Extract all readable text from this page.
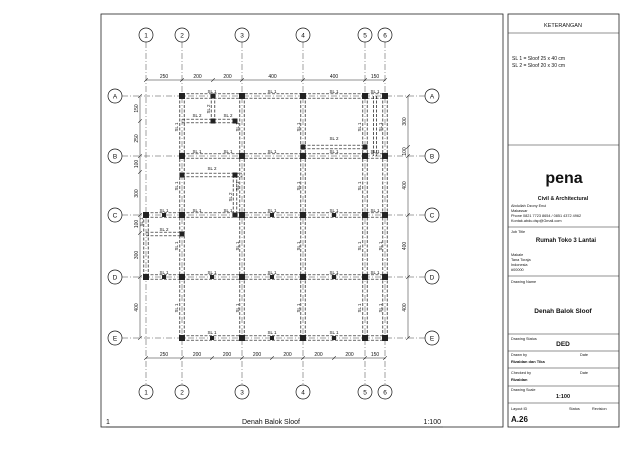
1
1
2
2
3
3
4
4
5
5
6
6
A	A
B	B
C	C
D	D
E	E
SL 1	SL 1	SL 1	SL 1
SL 2	SL 2
SL 2
SL 1	SL 1	SL 1	SL 1	SL 1
SL 2
SL 1	SL 1	SL 1	SL 1	SL 1
SL 2
SL 1
SL 2
SL 1	SL 1	SL 1
SL 1	SL 1	SL 1	SL 1	SL 1	SL 1
SL 1
SL 2
SL 1	SL 1	SL 1	SL 1	SL 1
SL 1	SL 1	SL 1	SL 1	SL 1
SL 1	SL 1	SL 1	SL 1	SL 1
SL 1	SL 1	SL 1
250	200	200	400	400	150
250	200	200	200	200	200	200	150
150
250
100
300
100
300
400
300
100
400
400
400
1	Denah Balok Sloof	1:100
KETERANGAN
SL 1 = Sloof 25 x 40 cm
SL 2 = Sloof 20 x 30 cm
pena
Civil & Architectural
Abdullah Dzony Enui
Makassar
Phone 0821 7723 8654 / 0851 4372 4962
Kontak.abdu.dsp@Gmail.com
Job Title
Rumah Toko 3 Lantai
Makale
Tana Toraja
Indonesia
#00000
Drawing Name
Denah Balok Sloof
Drawing Status
DED
Drawn by	Date
Rizaldan dan Tika
Checked by	Date
Rizaldan
Drawing Scale
1:100
Layout ID	Status	Revision
A.26
